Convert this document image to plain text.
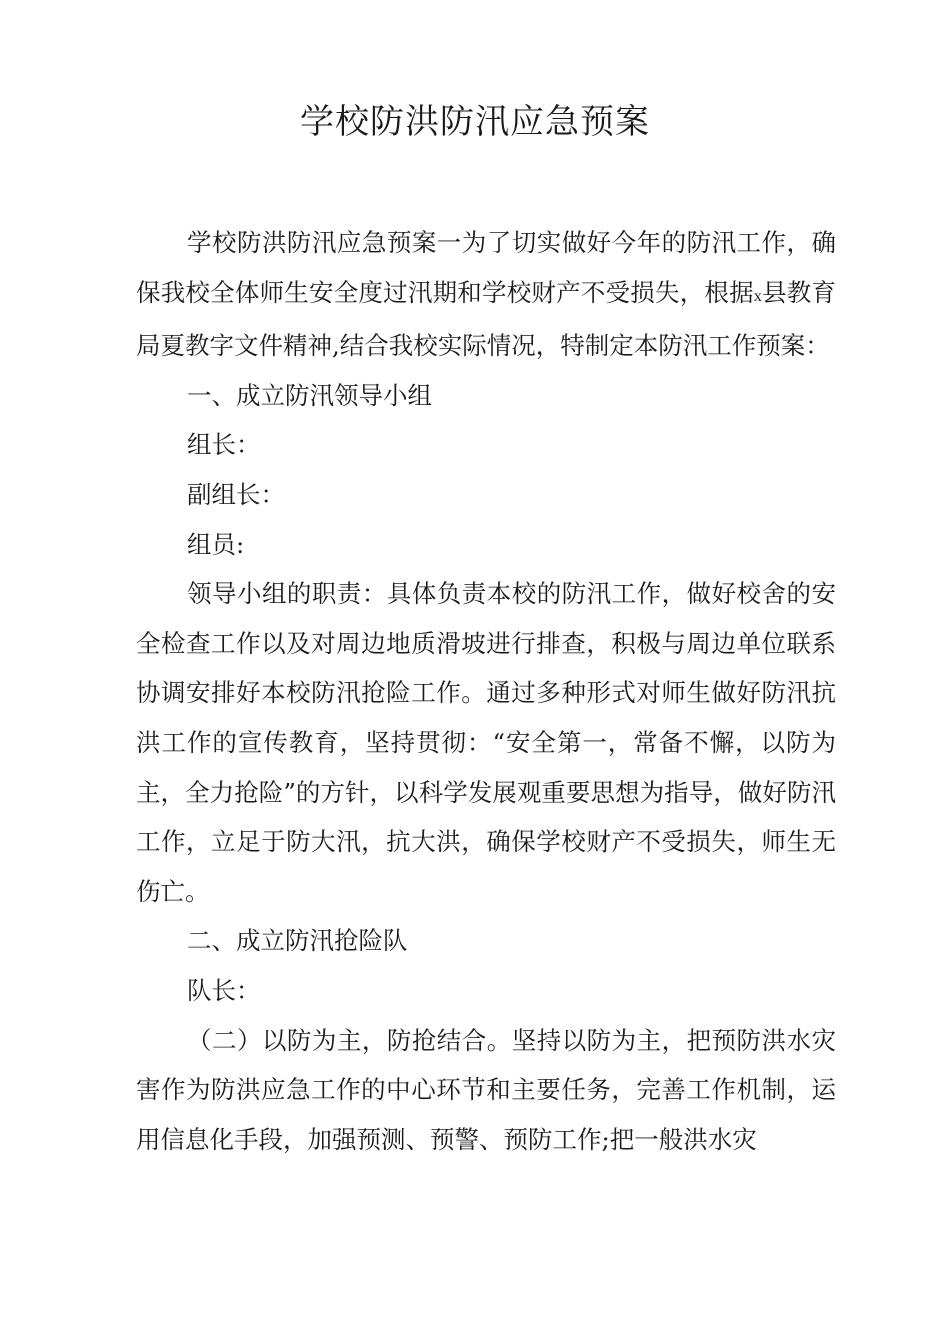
学校防洪防汛应急预案

学校防洪防汛应急预案一为了切实做好今年的防汛工作，确保我校全体师生安全度过汛期和学校财产不受损失，根据x县教育局夏教字文件精神,结合我校实际情况，特制定本防汛工作预案：

一、成立防汛领导小组

组长：

副组长：

组员:

领导小组的职责：具体负责本校的防汛工作，做好校舍的安全检查工作以及对周边地质滑坡进行排查，积极与周边单位联系协调安排好本校防汛抢险工作。通过多种形式对师生做好防汛抗洪工作的宣传教育，坚持贯彻：“安全第一，常备不懈，以防为主，全力抢险”的方针，以科学发展观重要思想为指导，做好防汛工作，立足于防大汛，抗大洪，确保学校财产不受损失，师生无伤亡。

二、成立防汛抢险队

队长：

（二）以防为主，防抢结合。坚持以防为主，把预防洪水灾害作为防洪应急工作的中心环节和主要任务，完善工作机制，运用信息化手段，加强预测、预警、预防工作;把一般洪水灾
